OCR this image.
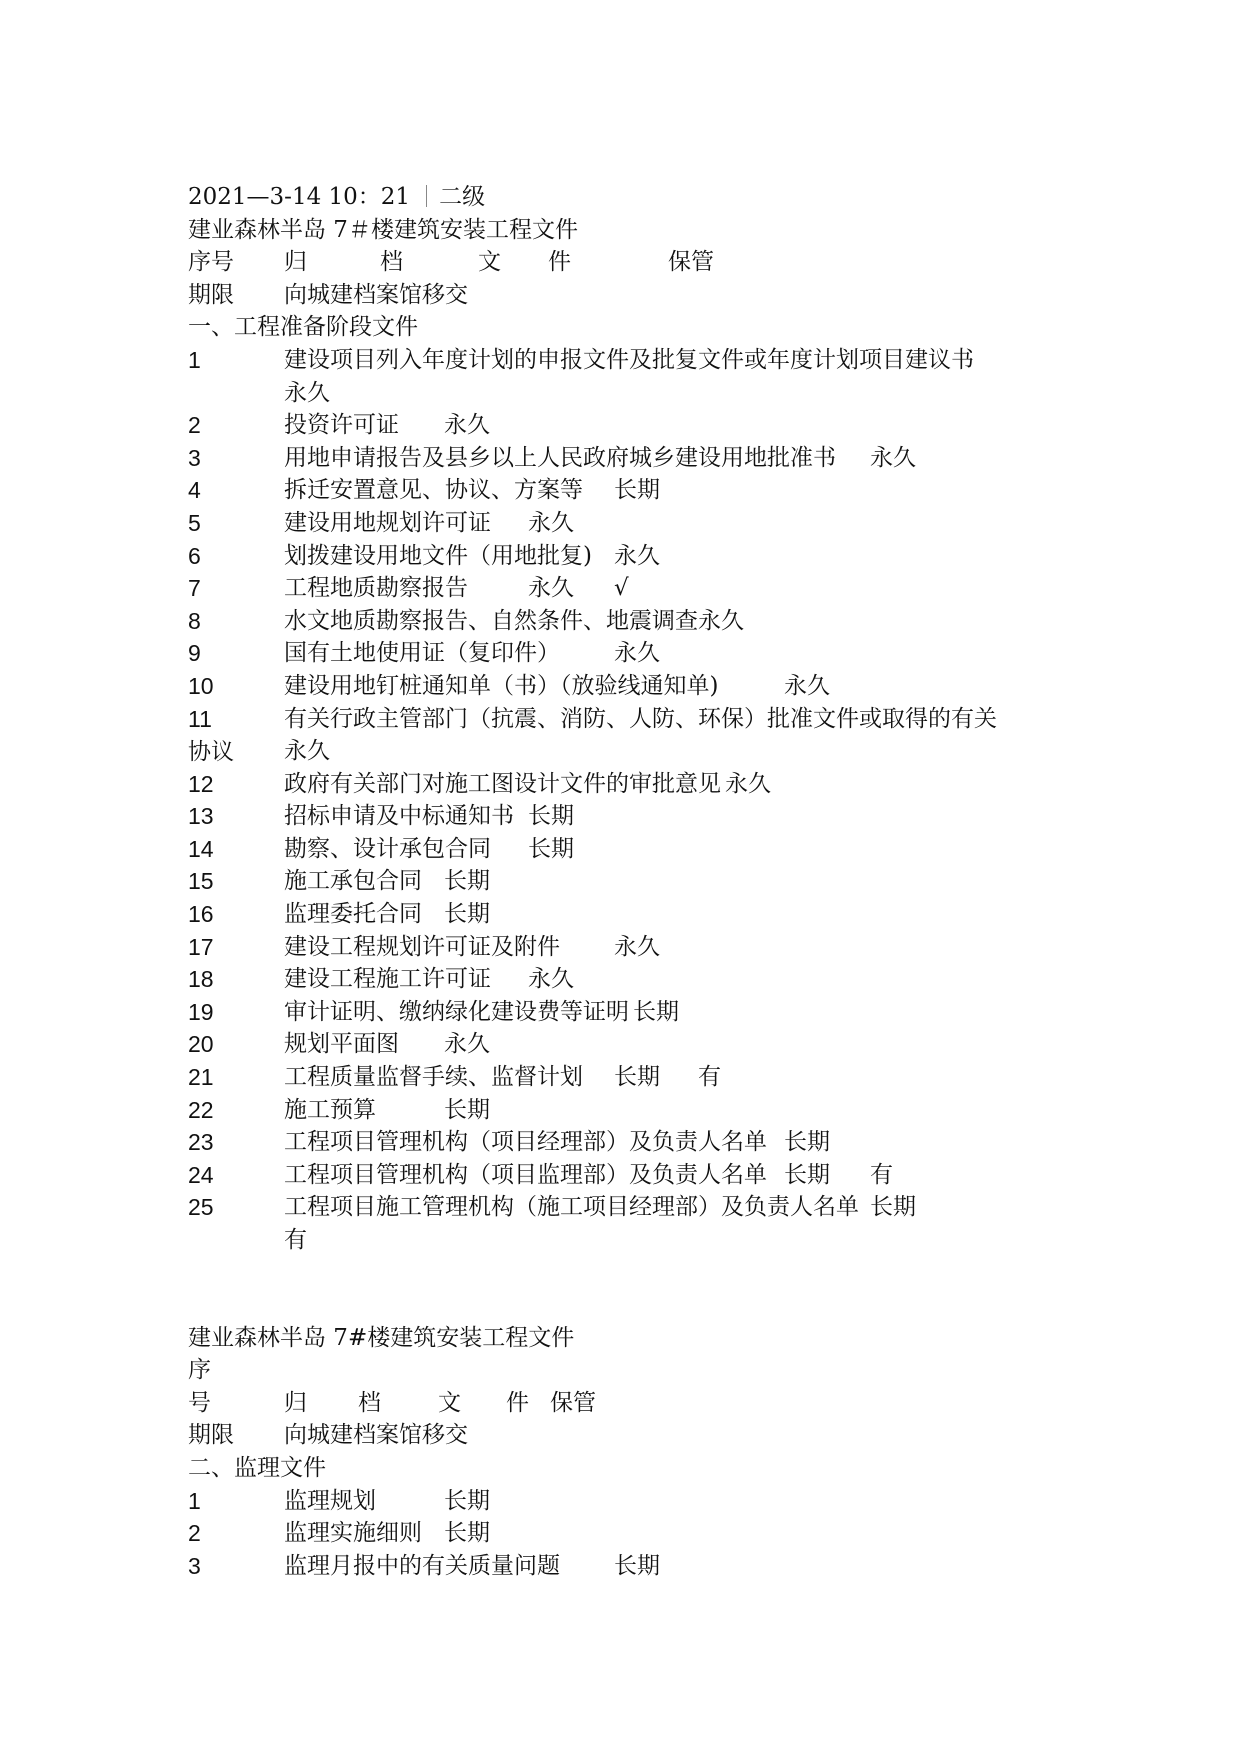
2021—3-14 10：21 二级
建业森林半岛 7＃楼建筑安装工程文件
序号 归	档	文 件	保管
期限 向城建档案馆移交
一、工程准备阶段文件
1	建设项目列入年度计划的申报文件及批复文件或年度计划项目建议书
永久
2	投资许可证 永久
3	用地申请报告及县乡以上人民政府城乡建设用地批准书 永久
4	拆迁安置意见、协议、方案等 长期
5	建设用地规划许可证 永久
6	划拨建设用地文件（用地批复) 永久
7	工程地质勘察报告	永久 √
8	水文地质勘察报告、自然条件、地震调查 永久
9	国有土地使用证（复印件） 永久
10	建设用地钉桩通知单（书）（放验线通知单)	永久
11	有关行政主管部门（抗震、消防、人防、环保）批准文件或取得的有关
协议 永久
12	政府有关部门对施工图设计文件的审批意见 永久
13	招标申请及中标通知书 长期
14	勘察、设计承包合同 长期
15	施工承包合同 长期
16	监理委托合同 长期
17	建设工程规划许可证及附件 永久
18	建设工程施工许可证 永久
19	审计证明、缴纳绿化建设费等证明 长期
20	规划平面图 永久
21	工程质量监督手续、监督计划 长期 有
22	施工预算	长期
23	工程项目管理机构（项目经理部）及负责人名单 长期
24	工程项目管理机构（项目监理部）及负责人名单 长期 有
25	工程项目施工管理机构（施工项目经理部）及负责人名单 长期
有
建业森林半岛 7#楼建筑安装工程文件
序
号	归 档 文 件 保管
期限 向城建档案馆移交
二、监理文件
1	监理规划	长期
2	监理实施细则 长期
3	监理月报中的有关质量问题 长期
